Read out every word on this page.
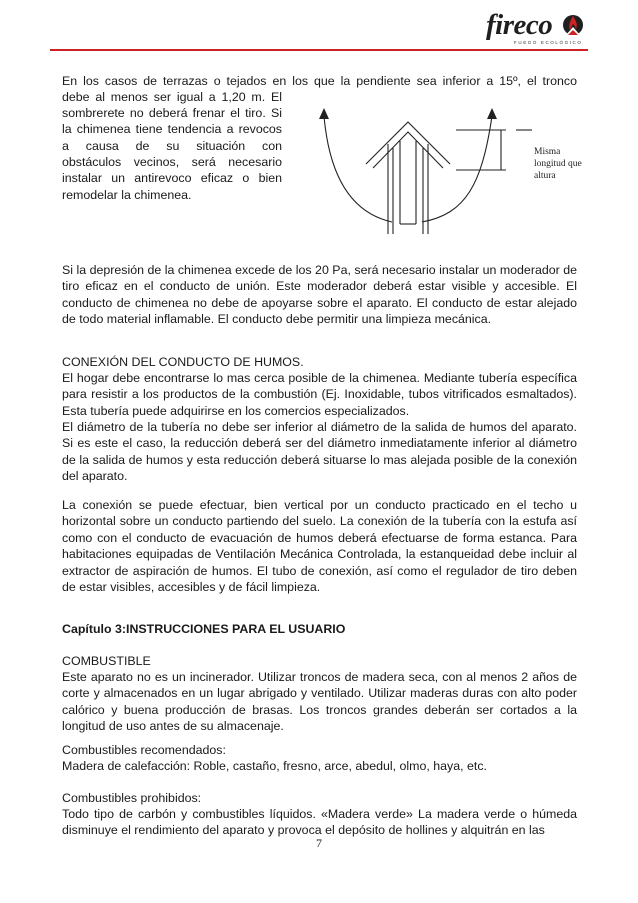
fireco
FUEGO ECOLÓGICO

En los casos de terrazas o tejados en los que la pendiente sea inferior a 15º, el tronco

debe al menos ser igual a 1,20 m. El

sombrerete no deberá frenar el tiro. Si

la chimenea tiene tendencia a revocos

a causa de su situación con

obstáculos vecinos, será necesario

instalar un antirevoco eficaz o bien

remodelar la chimenea.

Misma longitud que altura

Si la depresión de la chimenea excede de los 20 Pa, será necesario instalar un moderador de tiro eficaz en el conducto de unión. Este moderador deberá estar visible y accesible. El conducto de chimenea no debe de apoyarse sobre el aparato. El conducto de estar alejado de todo material inflamable. El conducto debe permitir una limpieza mecánica.

CONEXIÓN DEL CONDUCTO DE HUMOS.

El hogar debe encontrarse lo mas cerca posible de la chimenea. Mediante tubería específica para resistir a los productos de la combustión (Ej. Inoxidable, tubos vitrificados esmaltados). Esta tubería puede adquirirse en los comercios especializados.

El diámetro de la tubería no debe ser inferior al diámetro de la salida de humos del aparato. Si es este el caso, la reducción deberá ser del diámetro inmediatamente inferior al diámetro de la salida de humos y esta reducción deberá situarse lo mas alejada posible de la conexión del aparato.

La conexión se puede efectuar, bien vertical por un conducto practicado en el techo u horizontal sobre un conducto partiendo del suelo. La conexión de la tubería con la estufa así como con el conducto de evacuación de humos deberá efectuarse de forma estanca. Para habitaciones equipadas de Ventilación Mecánica Controlada, la estanqueidad debe incluir al extractor de aspiración de humos. El tubo de conexión, así como el regulador de tiro deben de estar visibles, accesibles y de fácil limpieza.

Capítulo 3:INSTRUCCIONES PARA EL USUARIO

COMBUSTIBLE

Este aparato no es un incinerador. Utilizar troncos de madera seca, con al menos 2 años de corte y almacenados en un lugar abrigado y ventilado. Utilizar maderas duras con alto poder calórico y buena producción de brasas. Los troncos grandes deberán ser cortados a la longitud de uso antes de su almacenaje.

Combustibles recomendados:

Madera de calefacción: Roble, castaño, fresno, arce, abedul, olmo, haya, etc.

Combustibles prohibidos:

Todo tipo de carbón y combustibles líquidos. «Madera verde» La madera verde o húmeda disminuye el rendimiento del aparato y provoca el depósito de hollines y alquitrán en las

7
